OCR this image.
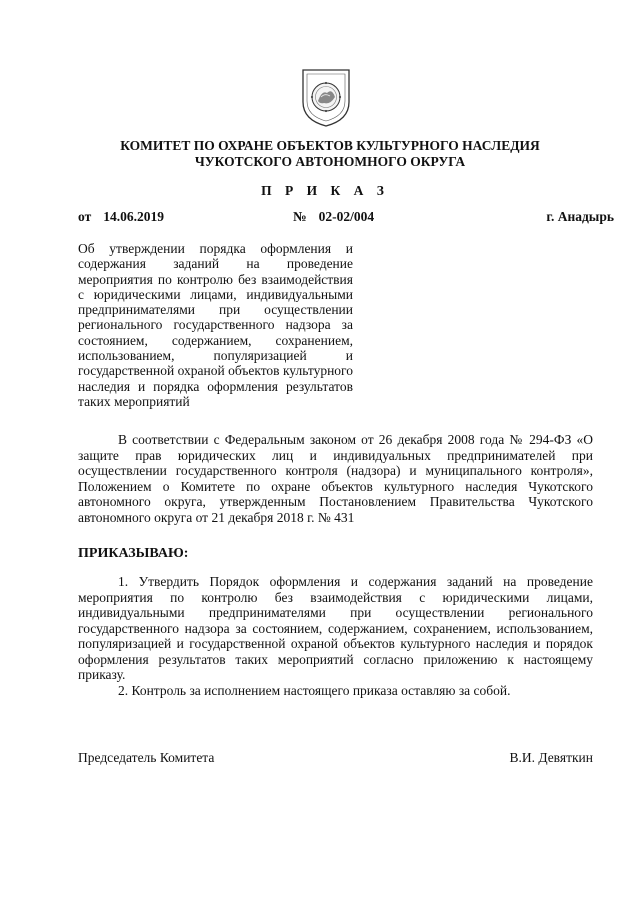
КОМИТЕТ ПО ОХРАНЕ ОБЪЕКТОВ КУЛЬТУРНОГО НАСЛЕДИЯ
ЧУКОТСКОГО АВТОНОМНОГО ОКРУГА
П Р И К А З
от 14.06.2019	№ 02-02/004	г. Анадырь

Об утверждении порядка оформления и содержания заданий на проведение мероприятия по контролю без взаимодействия с юридическими лицами, индивидуальными предпринимателями при осуществлении регионального государственного надзора за состоянием, содержанием, сохранением, использованием, популяризацией и государственной охраной объектов культурного наследия и порядка оформления результатов таких мероприятий

В соответствии с Федеральным законом от 26 декабря 2008 года № 294-ФЗ «О защите прав юридических лиц и индивидуальных предпринимателей при осуществлении государственного контроля (надзора) и муниципального контроля», Положением о Комитете по охране объектов культурного наследия Чукотского автономного округа, утвержденным Постановлением Правительства Чукотского автономного округа от 21 декабря 2018 г. № 431

ПРИКАЗЫВАЮ:

1. Утвердить Порядок оформления и содержания заданий на проведение мероприятия по контролю без взаимодействия с юридическими лицами, индивидуальными предпринимателями при осуществлении регионального государственного надзора за состоянием, содержанием, сохранением, использованием, популяризацией и государственной охраной объектов культурного наследия и порядок оформления результатов таких мероприятий согласно приложению к настоящему приказу.

2. Контроль за исполнением настоящего приказа оставляю за собой.

Председатель Комитета	В.И. Девяткин
